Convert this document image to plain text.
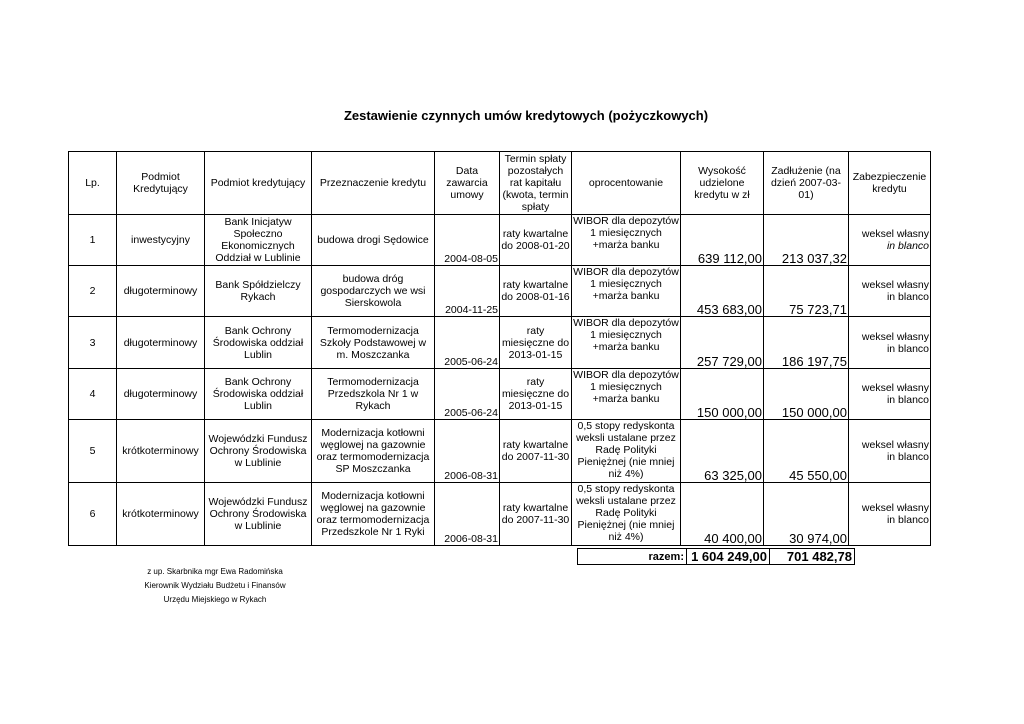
Zestawienie czynnych umów kredytowych (pożyczkowych)
Lp.	Podmiot Kredytujący	Podmiot kredytujący	Przeznaczenie kredytu	Data zawarcia umowy	Termin spłaty pozostałych rat kapitału (kwota, termin spłaty	oprocentowanie	Wysokość udzielone kredytu w zł	Zadłużenie (na dzień 2007-03-01)	Zabezpieczenie kredytu
1	inwestycyjny	Bank Inicjatyw Społeczno Ekonomicznych Oddział w Lublinie	budowa drogi Sędowice	2004-08-05	raty kwartalne do 2008-01-20	WIBOR dla depozytów 1 miesięcznych +marża banku	639 112,00	213 037,32	weksel własny
in blanco

2	długoterminowy	Bank Spółdzielczy Rykach	budowa dróg gospodarczych we wsi Sierskowola	2004-11-25	raty kwartalne do 2008-01-16	WIBOR dla depozytów 1 miesięcznych +marża banku	453 683,00	75 723,71	weksel własny
in blanco

3	długoterminowy	Bank Ochrony Środowiska oddział Lublin	Termomodernizacja Szkoły Podstawowej w m. Moszczanka	2005-06-24	raty miesięczne do 2013-01-15	WIBOR dla depozytów 1 miesięcznych +marża banku	257 729,00	186 197,75	weksel własny
in blanco

4	długoterminowy	Bank Ochrony Środowiska oddział Lublin	Termomodernizacja Przedszkola Nr 1 w Rykach	2005-06-24	raty miesięczne do 2013-01-15	WIBOR dla depozytów 1 miesięcznych +marża banku	150 000,00	150 000,00	weksel własny
in blanco

5	krótkoterminowy	Wojewódzki Fundusz Ochrony Środowiska w Lublinie	Modernizacja kotłowni węglowej na gazownie oraz termomodernizacja SP Moszczanka	2006-08-31	raty kwartalne do 2007-11-30	0,5 stopy redyskonta weksli ustalane przez Radę Polityki Pieniężnej (nie mniej niż 4%)	63 325,00	45 550,00	weksel własny
in blanco

6	krótkoterminowy	Wojewódzki Fundusz Ochrony Środowiska w Lublinie	Modernizacja kotłowni węglowej na gazownie oraz termomodernizacja Przedszkole Nr 1 Ryki	2006-08-31	raty kwartalne do 2007-11-30	0,5 stopy redyskonta weksli ustalane przez Radę Polityki Pieniężnej (nie mniej niż 4%)	40 400,00	30 974,00	weksel własny
in blanco
razem:	1 604 249,00	701 482,78
z up. Skarbnika mgr Ewa Radomińska
Kierownik Wydziału Budżetu i Finansów
Urzędu Miejskiego w Rykach
